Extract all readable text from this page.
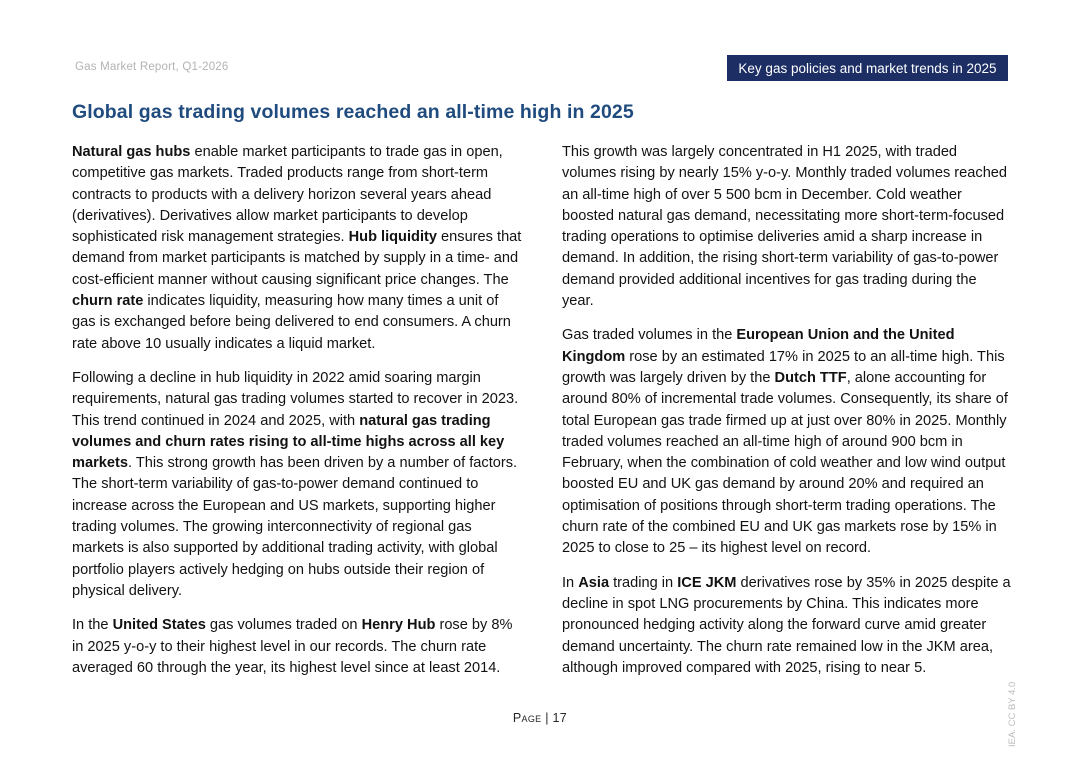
Gas Market Report, Q1-2026	Key gas policies and market trends in 2025
Global gas trading volumes reached an all-time high in 2025

Natural gas hubs enable market participants to trade gas in open, competitive gas markets. Traded products range from short-term contracts to products with a delivery horizon several years ahead (derivatives). Derivatives allow market participants to develop sophisticated risk management strategies. Hub liquidity ensures that demand from market participants is matched by supply in a time- and cost-efficient manner without causing significant price changes. The churn rate indicates liquidity, measuring how many times a unit of gas is exchanged before being delivered to end consumers. A churn rate above 10 usually indicates a liquid market.

Following a decline in hub liquidity in 2022 amid soaring margin requirements, natural gas trading volumes started to recover in 2023. This trend continued in 2024 and 2025, with natural gas trading volumes and churn rates rising to all-time highs across all key markets. This strong growth has been driven by a number of factors. The short-term variability of gas-to-power demand continued to increase across the European and US markets, supporting higher trading volumes. The growing interconnectivity of regional gas markets is also supported by additional trading activity, with global portfolio players actively hedging on hubs outside their region of physical delivery.

In the United States gas volumes traded on Henry Hub rose by 8% in 2025 y-o-y to their highest level in our records. The churn rate averaged 60 through the year, its highest level since at least 2014.

This growth was largely concentrated in H1 2025, with traded volumes rising by nearly 15% y-o-y. Monthly traded volumes reached an all-time high of over 5 500 bcm in December. Cold weather boosted natural gas demand, necessitating more short-term-focused trading operations to optimise deliveries amid a sharp increase in demand. In addition, the rising short-term variability of gas-to-power demand provided additional incentives for gas trading during the year.

Gas traded volumes in the European Union and the United Kingdom rose by an estimated 17% in 2025 to an all-time high. This growth was largely driven by the Dutch TTF, alone accounting for around 80% of incremental trade volumes. Consequently, its share of total European gas trade firmed up at just over 80% in 2025. Monthly traded volumes reached an all-time high of around 900 bcm in February, when the combination of cold weather and low wind output boosted EU and UK gas demand by around 20% and required an optimisation of positions through short-term trading operations. The churn rate of the combined EU and UK gas markets rose by 15% in 2025 to close to 25 – its highest level on record.

In Asia trading in ICE JKM derivatives rose by 35% in 2025 despite a decline in spot LNG procurements by China. This indicates more pronounced hedging activity along the forward curve amid greater demand uncertainty. The churn rate remained low in the JKM area, although improved compared with 2025, rising to near 5.

Page | 17	IEA. CC BY 4.0
